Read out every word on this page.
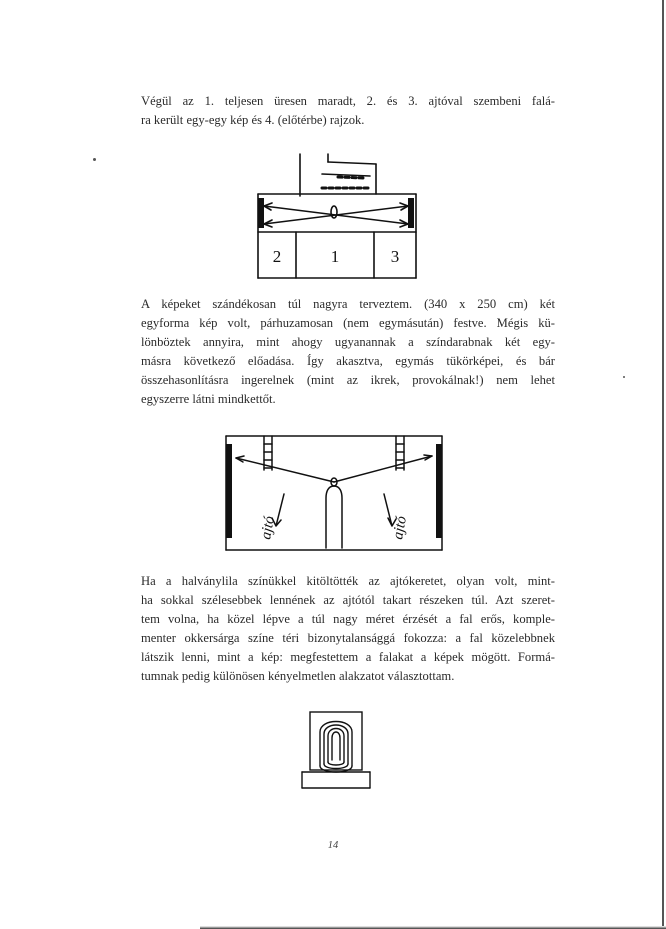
Végül az 1. teljesen üresen maradt, 2. és 3. ajtóval szembeni falá-
ra került egy-egy kép és 4. (előtérbe) rajzok.

2	1	3

A képeket szándékosan túl nagyra terveztem. (340 x 250 cm) két
egyforma kép volt, párhuzamosan (nem egymásután) festve. Mégis kü-
lönböztek annyira, mint ahogy ugyanannak a színdarabnak két egy-
másra következő előadása. Így akasztva, egymás tükörképei, és bár
összehasonlításra ingerelnek (mint az ikrek, provokálnak!) nem lehet
egyszerre látni mindkettőt.

ajtó	ajtó

Ha a halványlila színükkel kitöltötték az ajtókeretet, olyan volt, mint-
ha sokkal szélesebbek lennének az ajtótól takart részeken túl. Azt szeret-
tem volna, ha közel lépve a túl nagy méret érzését a fal erős, komple-
menter okkersárga színe téri bizonytalansággá fokozza: a fal közelebbnek
látszik lenni, mint a kép: megfestettem a falakat a képek mögött. Formá-
tumnak pedig különösen kényelmetlen alakzatot választottam.

14
